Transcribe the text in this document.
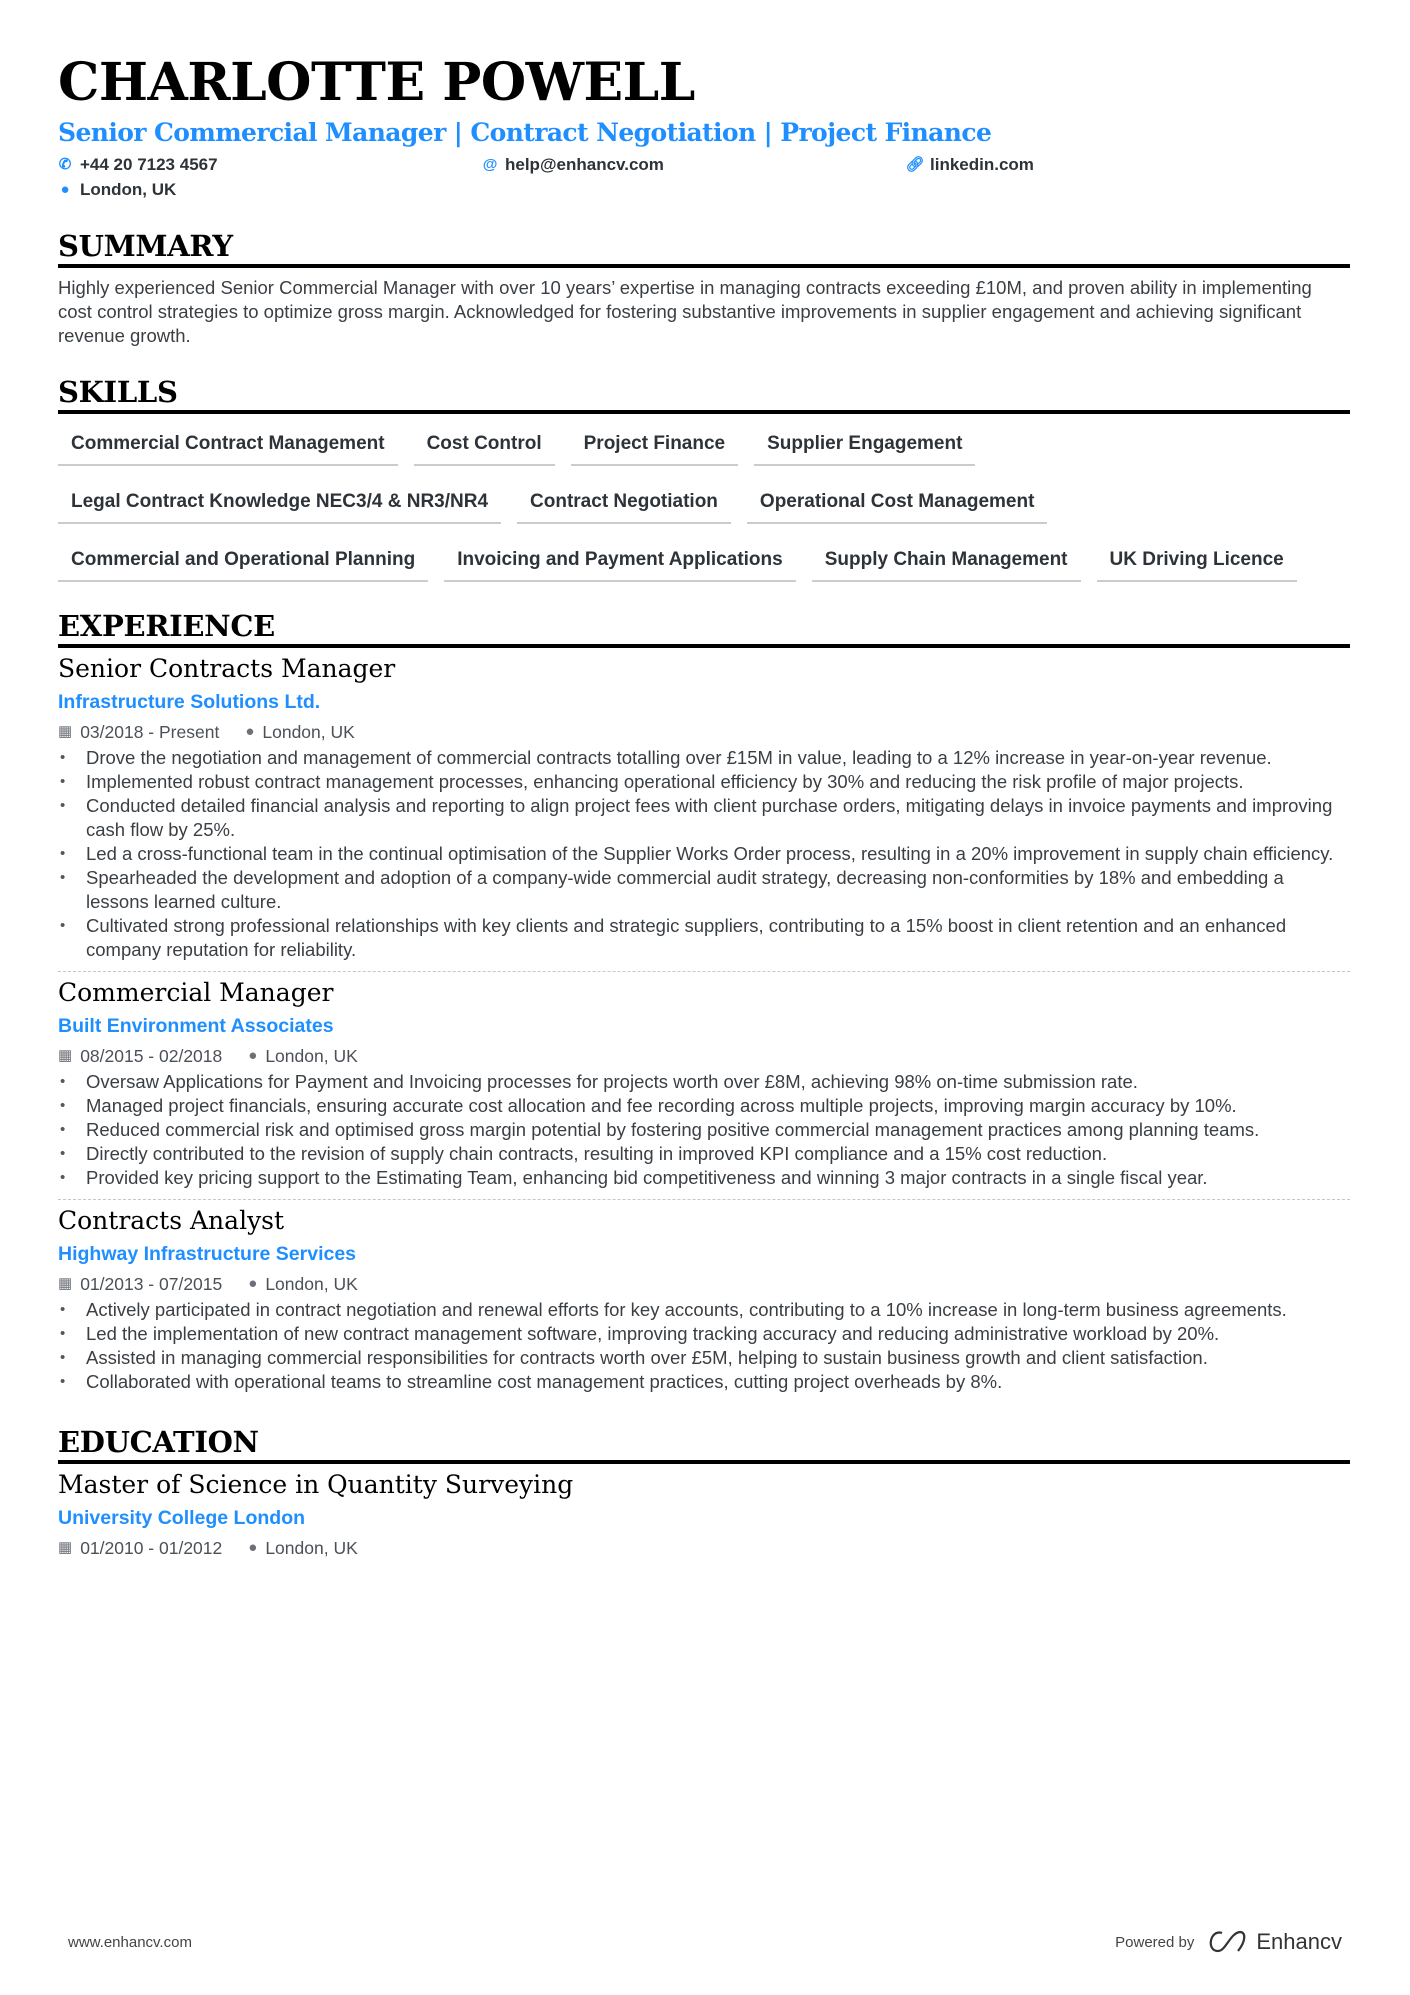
CHARLOTTE POWELL
Senior Commercial Manager | Contract Negotiation | Project Finance
✆ +44 20 7123 4567	@ help@enhancv.com	🔗︎ linkedin.com
● London, UK
SUMMARY

Highly experienced Senior Commercial Manager with over 10 years’ expertise in managing contracts exceeding £10M, and proven ability in implementing cost control strategies to optimize gross margin. Acknowledged for fostering substantive improvements in supplier engagement and achieving significant revenue growth.

SKILLS
Commercial Contract Management	Cost Control	Project Finance	Supplier Engagement
Legal Contract Knowledge NEC3/4 & NR3/NR4	Contract Negotiation	Operational Cost Management
Commercial and Operational Planning	Invoicing and Payment Applications	Supply Chain Management	UK Driving Licence
EXPERIENCE
Senior Contracts Manager
Infrastructure Solutions Ltd.
▦ 03/2018 - Present ● London, UK
• Drove the negotiation and management of commercial contracts totalling over £15M in value, leading to a 12% increase in year-on-year revenue.
• Implemented robust contract management processes, enhancing operational efficiency by 30% and reducing the risk profile of major projects.
• Conducted detailed financial analysis and reporting to align project fees with client purchase orders, mitigating delays in invoice payments and improving cash flow by 25%.
• Led a cross-functional team in the continual optimisation of the Supplier Works Order process, resulting in a 20% improvement in supply chain efficiency.
• Spearheaded the development and adoption of a company-wide commercial audit strategy, decreasing non-conformities by 18% and embedding a lessons learned culture.
• Cultivated strong professional relationships with key clients and strategic suppliers, contributing to a 15% boost in client retention and an enhanced company reputation for reliability.
Commercial Manager
Built Environment Associates
▦ 08/2015 - 02/2018 ● London, UK
• Oversaw Applications for Payment and Invoicing processes for projects worth over £8M, achieving 98% on-time submission rate.
• Managed project financials, ensuring accurate cost allocation and fee recording across multiple projects, improving margin accuracy by 10%.
• Reduced commercial risk and optimised gross margin potential by fostering positive commercial management practices among planning teams.
• Directly contributed to the revision of supply chain contracts, resulting in improved KPI compliance and a 15% cost reduction.
• Provided key pricing support to the Estimating Team, enhancing bid competitiveness and winning 3 major contracts in a single fiscal year.
Contracts Analyst
Highway Infrastructure Services
▦ 01/2013 - 07/2015 ● London, UK
• Actively participated in contract negotiation and renewal efforts for key accounts, contributing to a 10% increase in long-term business agreements.
• Led the implementation of new contract management software, improving tracking accuracy and reducing administrative workload by 20%.
• Assisted in managing commercial responsibilities for contracts worth over £5M, helping to sustain business growth and client satisfaction.
• Collaborated with operational teams to streamline cost management practices, cutting project overheads by 8%.
EDUCATION
Master of Science in Quantity Surveying
University College London
▦ 01/2010 - 01/2012 ● London, UK
www.enhancv.com	Powered by	Enhancv
